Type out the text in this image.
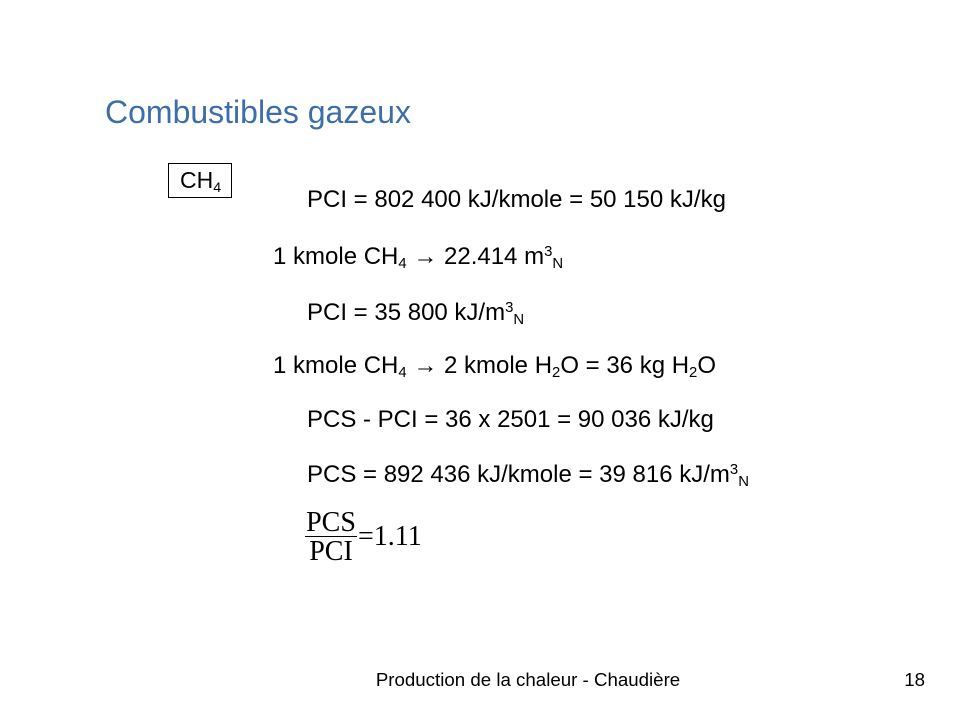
Combustibles gazeux
CH4	PCI = 802 400 kJ/kmole = 50 150 kJ/kg
1 kmole CH4 → 22.414 $m^3N$
PCI = 35 800 $kJ/m^3N$
1 kmole CH4 → 2 kmole H2O = 36 kg H2O
PCS - PCI = 36 x 2501 = 90 036 kJ/kg
PCS = 892 436 kJ/kmole = 39 816 $kJ/m^3N$
PCS
PCI =1.11
Production de la chaleur - Chaudière	18
